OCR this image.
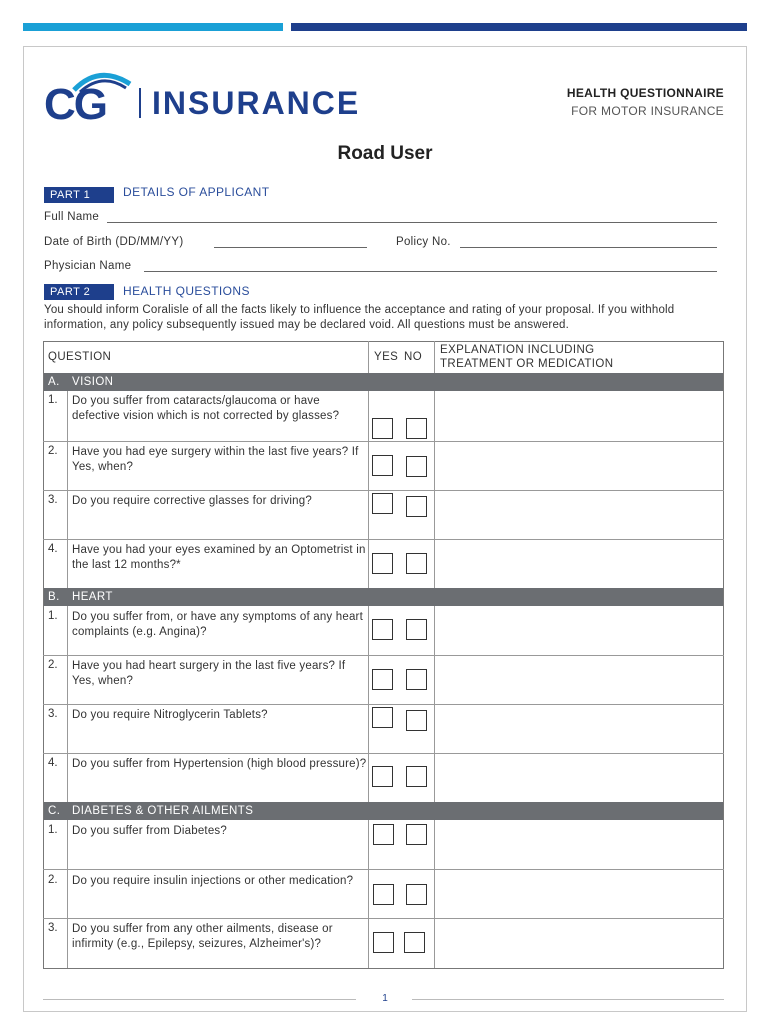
CG INSURANCE	HEALTH QUESTIONNAIRE
FOR MOTOR INSURANCE
Road User
PART 1	DETAILS OF APPLICANT
Full Name
Date of Birth (DD/MM/YY)	Policy No.
Physician Name
PART 2	HEALTH QUESTIONS
You should inform Coralisle of all the facts likely to influence the acceptance and rating of your proposal. If you withhold information, any policy subsequently issued may be declared void. All questions must be answered.
QUESTION	YES NO
EXPLANATION INCLUDING
TREATMENT OR MEDICATION
A. VISION
1. Do you suffer from cataracts/glaucoma or have defective vision which is not corrected by glasses?
2. Have you had eye surgery within the last five years? If Yes, when?
3. Do you require corrective glasses for driving?
4. Have you had your eyes examined by an Optometrist in the last 12 months?*
B. HEART
1. Do you suffer from, or have any symptoms of any heart complaints (e.g. Angina)?
2. Have you had heart surgery in the last five years? If Yes, when?
3. Do you require Nitroglycerin Tablets?
4. Do you suffer from Hypertension (high blood pressure)?
C. DIABETES & OTHER AILMENTS
1. Do you suffer from Diabetes?
2. Do you require insulin injections or other medication?
3. Do you suffer from any other ailments, disease or infirmity (e.g., Epilepsy, seizures, Alzheimer's)?
1
